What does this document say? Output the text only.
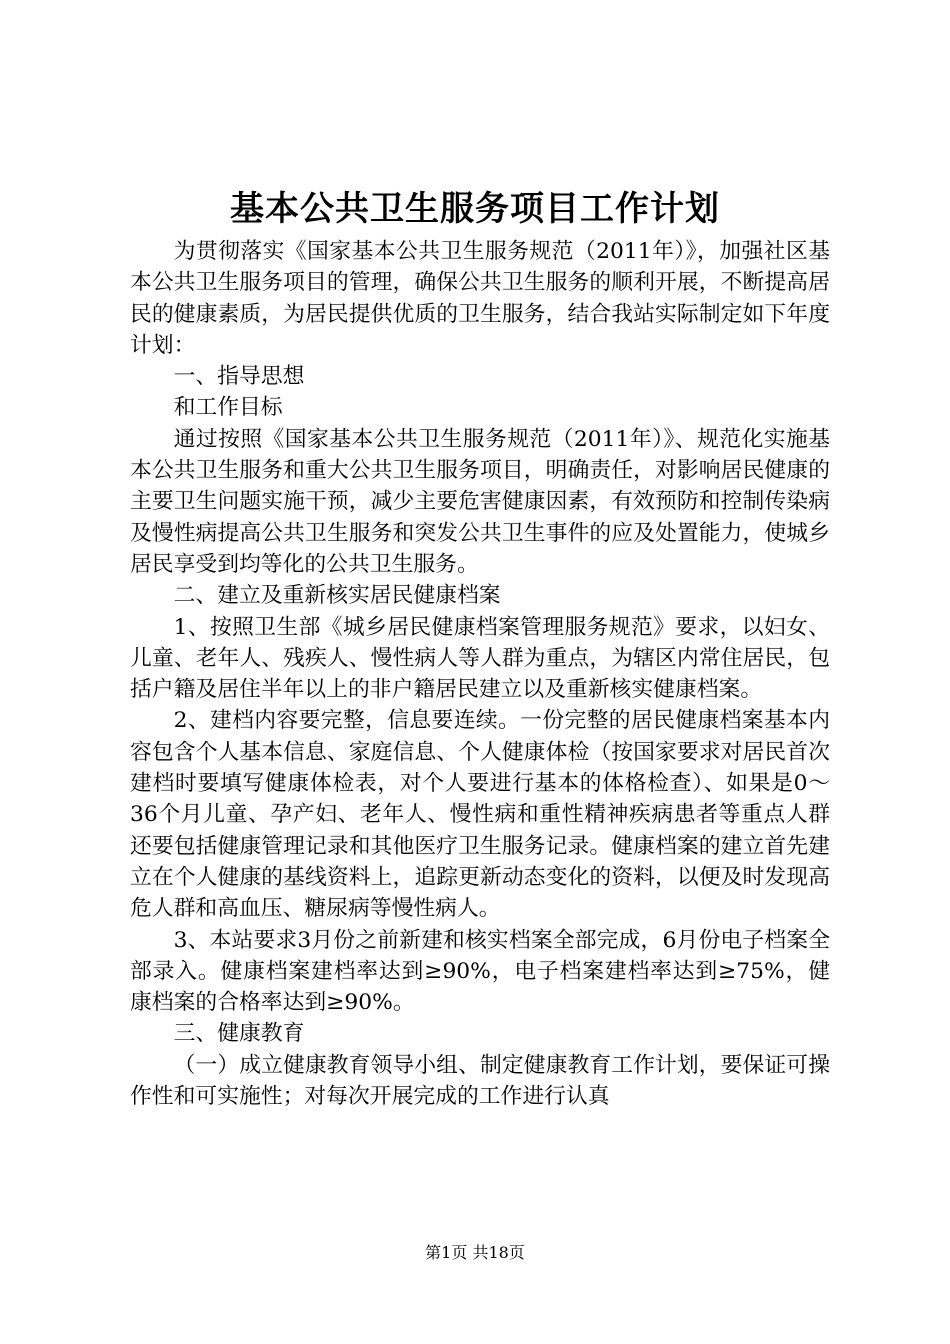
基本公共卫生服务项目工作计划

为贯彻落实《国家基本公共卫生服务规范（2011年）》，加强社区基本公共卫生服务项目的管理，确保公共卫生服务的顺利开展，不断提高居民的健康素质，为居民提供优质的卫生服务，结合我站实际制定如下年度计划：

一、指导思想

和工作目标

通过按照《国家基本公共卫生服务规范（2011年）》、规范化实施基本公共卫生服务和重大公共卫生服务项目，明确责任，对影响居民健康的主要卫生问题实施干预，减少主要危害健康因素，有效预防和控制传染病及慢性病提高公共卫生服务和突发公共卫生事件的应及处置能力，使城乡居民享受到均等化的公共卫生服务。

二、建立及重新核实居民健康档案

1、按照卫生部《城乡居民健康档案管理服务规范》要求，以妇女、儿童、老年人、残疾人、慢性病人等人群为重点，为辖区内常住居民，包括户籍及居住半年以上的非户籍居民建立以及重新核实健康档案。

2、建档内容要完整，信息要连续。一份完整的居民健康档案基本内容包含个人基本信息、家庭信息、个人健康体检（按国家要求对居民首次建档时要填写健康体检表，对个人要进行基本的体格检查）、如果是0～36个月儿童、孕产妇、老年人、慢性病和重性精神疾病患者等重点人群还要包括健康管理记录和其他医疗卫生服务记录。健康档案的建立首先建立在个人健康的基线资料上，追踪更新动态变化的资料，以便及时发现高危人群和高血压、糖尿病等慢性病人。

3、本站要求3月份之前新建和核实档案全部完成，6月份电子档案全部录入。健康档案建档率达到≥90%，电子档案建档率达到≥75%，健康档案的合格率达到≥90%。

三、健康教育

（一）成立健康教育领导小组、制定健康教育工作计划，要保证可操作性和可实施性；对每次开展完成的工作进行认真

第1页 共18页
